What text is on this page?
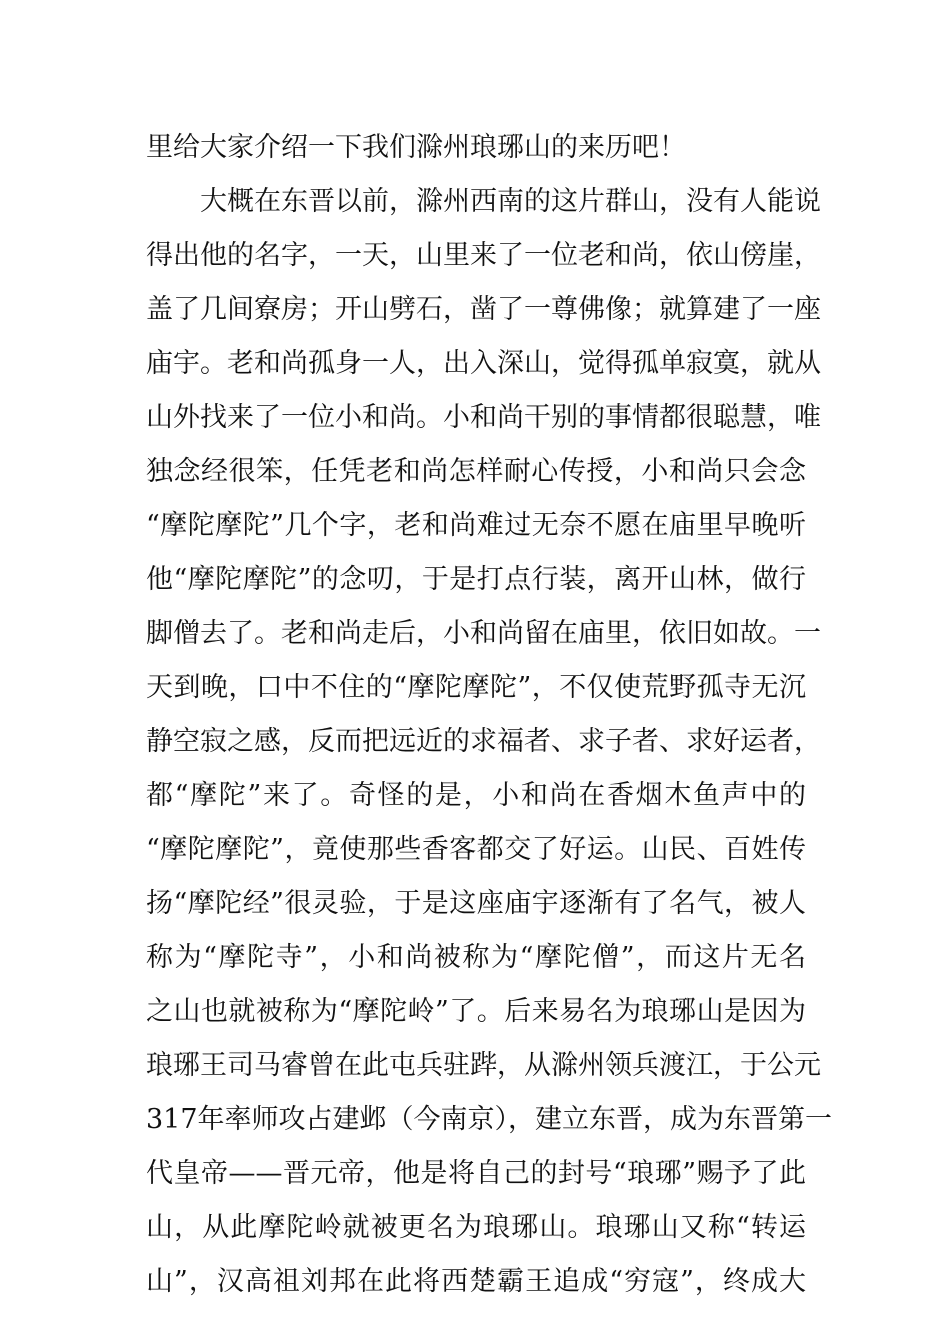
里给大家介绍一下我们滁州琅琊山的来历吧！
大概在东晋以前，滁州西南的这片群山，没有人能说
得出他的名字，一天，山里来了一位老和尚，依山傍崖，
盖了几间寮房；开山劈石，凿了一尊佛像；就算建了一座
庙宇。老和尚孤身一人，出入深山，觉得孤单寂寞，就从
山外找来了一位小和尚。小和尚干别的事情都很聪慧，唯
独念经很笨，任凭老和尚怎样耐心传授，小和尚只会念
“摩陀摩陀”几个字，老和尚难过无奈不愿在庙里早晚听
他“摩陀摩陀”的念叨，于是打点行装，离开山林，做行
脚僧去了。老和尚走后，小和尚留在庙里，依旧如故。一
天到晚，口中不住的“摩陀摩陀”，不仅使荒野孤寺无沉
静空寂之感，反而把远近的求福者、求子者、求好运者，
都“摩陀”来了。奇怪的是，小和尚在香烟木鱼声中的
“摩陀摩陀”，竟使那些香客都交了好运。山民、百姓传
扬“摩陀经”很灵验，于是这座庙宇逐渐有了名气，被人
称为“摩陀寺”，小和尚被称为“摩陀僧”，而这片无名
之山也就被称为“摩陀岭”了。后来易名为琅琊山是因为
琅琊王司马睿曾在此屯兵驻跸，从滁州领兵渡江，于公元
317年率师攻占建邺（今南京），建立东晋，成为东晋第一
代皇帝——晋元帝，他是将自己的封号“琅琊”赐予了此
山，从此摩陀岭就被更名为琅琊山。琅琊山又称“转运
山”，汉高祖刘邦在此将西楚霸王追成“穷寇”，终成大
